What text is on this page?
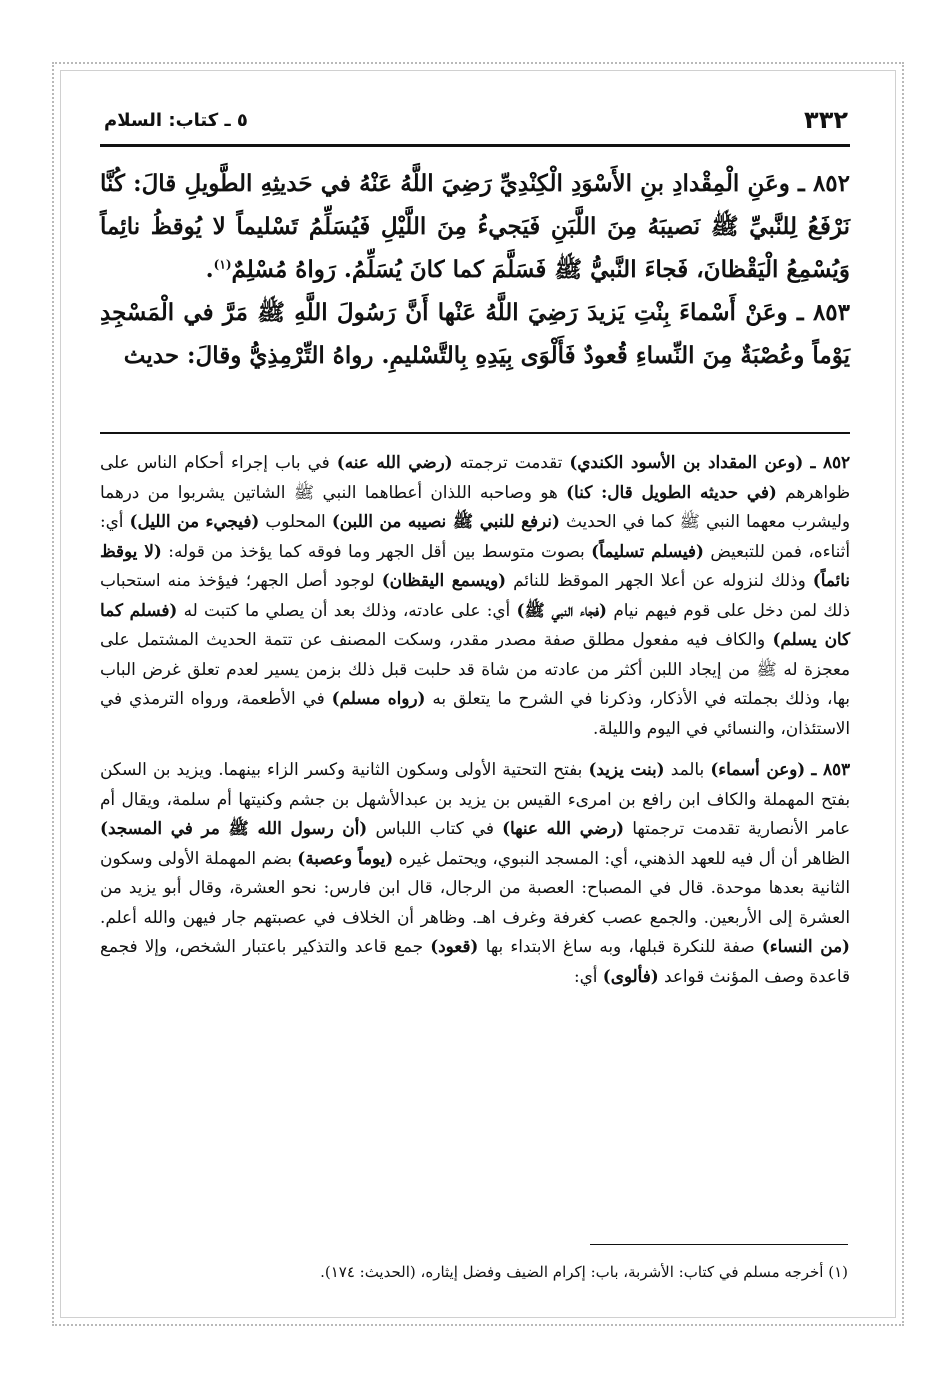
٣٣٢
٥ ـ كتاب: السلام
٨٥٢ ـ وعَنِ الْمِقْدادِ بنِ الأَسْوَدِ الْكِنْدِيِّ رَضِيَ اللَّهُ عَنْهُ في حَديثِهِ الطَّويلِ قالَ: كُنَّا نَرْفَعُ لِلنَّبيِّ ﷺ نَصيبَهُ مِنَ اللَّبَنِ فَيَجيءُ مِنَ اللَّيْلِ فَيُسَلِّمُ تَسْليماً لا يُوقظُ نائِماً وَيُسْمِعُ الْيَقْظانَ، فَجاءَ النَّبيُّ ﷺ فَسَلَّمَ كما كانَ يُسَلِّمُ. رَواهُ مُسْلِمٌ$^{(١)}$.
٨٥٣ ـ وعَنْ أَسْماءَ بِنْتِ يَزيدَ رَضِيَ اللَّهُ عَنْها أَنَّ رَسُولَ اللَّهِ ﷺ مَرَّ في الْمَسْجِدِ يَوْماً وعُصْبَةٌ مِنَ النِّساءِ قُعودٌ فَأَلْوَى بِيَدِهِ بِالتَّسْليمِ. رواهُ التِّرْمِذِيُّ وقالَ: حديث

٨٥٢ ـ (وعن المقداد بن الأسود الكندي) تقدمت ترجمته (رضي الله عنه) في باب إجراء أحكام الناس على ظواهرهم (في حديثه الطويل قال: كنا) هو وصاحبه اللذان أعطاهما النبي ﷺ الشاتين يشربوا من درهما وليشرب معهما النبي ﷺ كما في الحديث (نرفع للنبي ﷺ نصيبه من اللبن) المحلوب (فيجيء من الليل) أي: أثناءه، فمن للتبعيض (فيسلم تسليماً) بصوت متوسط بين أقل الجهر وما فوقه كما يؤخذ من قوله: (لا يوقظ نائماً) وذلك لنزوله عن أعلا الجهر الموقظ للنائم (ويسمع اليقظان) لوجود أصل الجهر؛ فيؤخذ منه استحباب ذلك لمن دخل على قوم فيهم نيام (فجاء النبي ﷺ) أي: على عادته، وذلك بعد أن يصلي ما كتبت له (فسلم كما كان يسلم) والكاف فيه مفعول مطلق صفة مصدر مقدر، وسكت المصنف عن تتمة الحديث المشتمل على معجزة له ﷺ من إيجاد اللبن أكثر من عادته من شاة قد حلبت قبل ذلك بزمن يسير لعدم تعلق غرض الباب بها، وذلك بجملته في الأذكار، وذكرنا في الشرح ما يتعلق به (رواه مسلم) في الأطعمة، ورواه الترمذي في الاستئذان، والنسائي في اليوم والليلة.

٨٥٣ ـ (وعن أسماء) بالمد (بنت يزيد) بفتح التحتية الأولى وسكون الثانية وكسر الزاء بينهما. ويزيد بن السكن بفتح المهملة والكاف ابن رافع بن امرىء القيس بن يزيد بن عبدالأشهل بن جشم وكنيتها أم سلمة، ويقال أم عامر الأنصارية تقدمت ترجمتها (رضي الله عنها) في كتاب اللباس (أن رسول الله ﷺ مر في المسجد) الظاهر أن أل فيه للعهد الذهني، أي: المسجد النبوي، ويحتمل غيره (يوماً وعصبة) بضم المهملة الأولى وسكون الثانية بعدها موحدة. قال في المصباح: العصبة من الرجال، قال ابن فارس: نحو العشرة، وقال أبو يزيد من العشرة إلى الأربعين. والجمع عصب كغرفة وغرف اهـ. وظاهر أن الخلاف في عصبتهم جار فيهن والله أعلم. (من النساء) صفة للنكرة قبلها، وبه ساغ الابتداء بها (قعود) جمع قاعد والتذكير باعتبار الشخص، وإلا فجمع قاعدة وصف المؤنث قواعد (فألوى) أي:

(١) أخرجه مسلم في كتاب: الأشربة، باب: إكرام الضيف وفضل إيثاره، (الحديث: ١٧٤).
